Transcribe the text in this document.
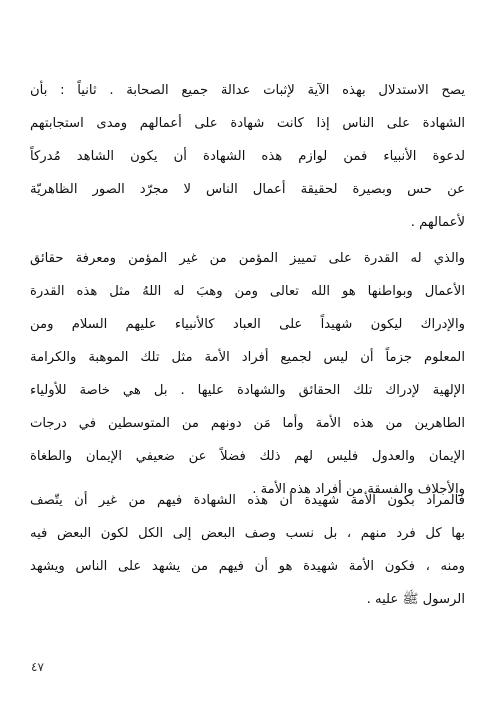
يصح الاستدلال بهذه الآية لإثبات عدالة جميع الصحابة . ثانياً : بأن
الشهادة على الناس إذا كانت شهادة على أعمالهم ومدى استجابتهم
لدعوة الأنبياء فمن لوازم هذه الشهادة أن يكون الشاهد مُدركاً
عن حس وبصيرة لحقيقة أعمال الناس لا مجرّد الصور الظاهريّة
لأعمالهم .
والذي له القدرة على تمييز المؤمن من غير المؤمن ومعرفة حقائق
الأعمال وبواطنها هو الله تعالى ومن وهبَ له اللهُ مثل هذه القدرة
والإدراك ليكون شهيداً على العباد كالأنبياء عليهم السلام ومن
المعلوم جزماً أن ليس لجميع أفراد الأمة مثل تلك الموهبة والكرامة
الإلهية لإدراك تلك الحقائق والشهادة عليها . بل هي خاصة للأولياء
الطاهرين من هذه الأمة وأما مَن دونهم من المتوسطين في درجات
الإيمان والعدول فليس لهم ذلك فضلاً عن ضعيفي الإيمان والطغاة
والأجلاف والفسقة من أفراد هذه الأمة .
فالمراد بكون الأمة شهيدة أن هذه الشهادة فيهم من غير أن يتّصف
بها كل فرد منهم ، بل نسب وصف البعض إلى الكل لكون البعض فيه
ومنه ، فكون الأمة شهيدة هو أن فيهم من يشهد على الناس ويشهد
الرسول ﷺ عليه .
٤٧
